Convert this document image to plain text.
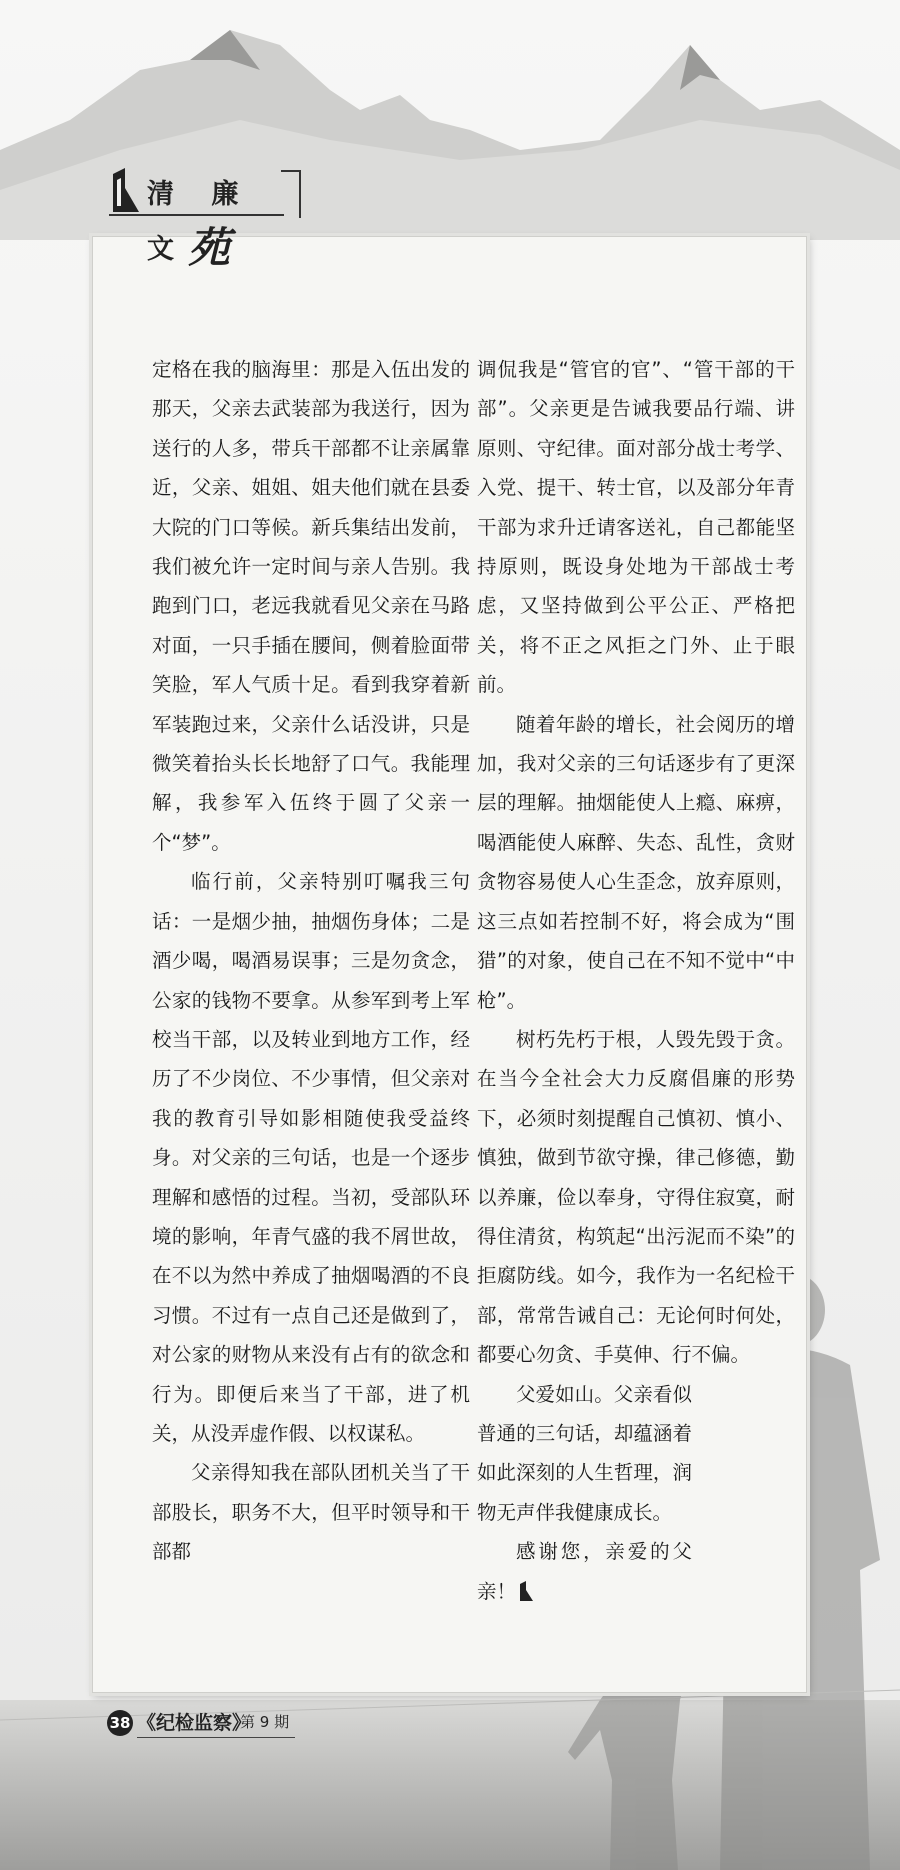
清 廉 文苑

定格在我的脑海里：那是入伍出发的那天，父亲去武装部为我送行，因为送行的人多，带兵干部都不让亲属靠近，父亲、姐姐、姐夫他们就在县委大院的门口等候。新兵集结出发前，我们被允许一定时间与亲人告别。我跑到门口，老远我就看见父亲在马路对面，一只手插在腰间，侧着脸面带笑脸，军人气质十足。看到我穿着新军装跑过来，父亲什么话没讲，只是微笑着抬头长长地舒了口气。我能理解，我参军入伍终于圆了父亲一个“梦”。

临行前，父亲特别叮嘱我三句话：一是烟少抽，抽烟伤身体；二是酒少喝，喝酒易误事；三是勿贪念，公家的钱物不要拿。从参军到考上军校当干部，以及转业到地方工作，经历了不少岗位、不少事情，但父亲对我的教育引导如影相随使我受益终身。对父亲的三句话，也是一个逐步理解和感悟的过程。当初，受部队环境的影响，年青气盛的我不屑世故，在不以为然中养成了抽烟喝酒的不良习惯。不过有一点自己还是做到了，对公家的财物从来没有占有的欲念和行为。即便后来当了干部，进了机关，从没弄虚作假、以权谋私。

父亲得知我在部队团机关当了干部股长，职务不大，但平时领导和干部都

调侃我是“管官的官”、“管干部的干部”。父亲更是告诫我要品行端、讲原则、守纪律。面对部分战士考学、入党、提干、转士官，以及部分年青干部为求升迁请客送礼，自己都能坚持原则，既设身处地为干部战士考虑，又坚持做到公平公正、严格把关，将不正之风拒之门外、止于眼前。

随着年龄的增长，社会阅历的增加，我对父亲的三句话逐步有了更深层的理解。抽烟能使人上瘾、麻痹，喝酒能使人麻醉、失态、乱性，贪财贪物容易使人心生歪念，放弃原则，这三点如若控制不好，将会成为“围猎”的对象，使自己在不知不觉中“中枪”。

树朽先朽于根，人毁先毁于贪。在当今全社会大力反腐倡廉的形势下，必须时刻提醒自己慎初、慎小、慎独，做到节欲守操，律己修德，勤以养廉，俭以奉身，守得住寂寞，耐得住清贫，构筑起“出污泥而不染”的拒腐防线。如今，我作为一名纪检干部，常常告诫自己：无论何时何处，都要心勿贪、手莫伸、行不偏。

父爱如山。父亲看似普通的三句话，却蕴涵着如此深刻的人生哲理，润物无声伴我健康成长。

感谢您，亲爱的父亲！

38 《纪检监察》
第 9 期
